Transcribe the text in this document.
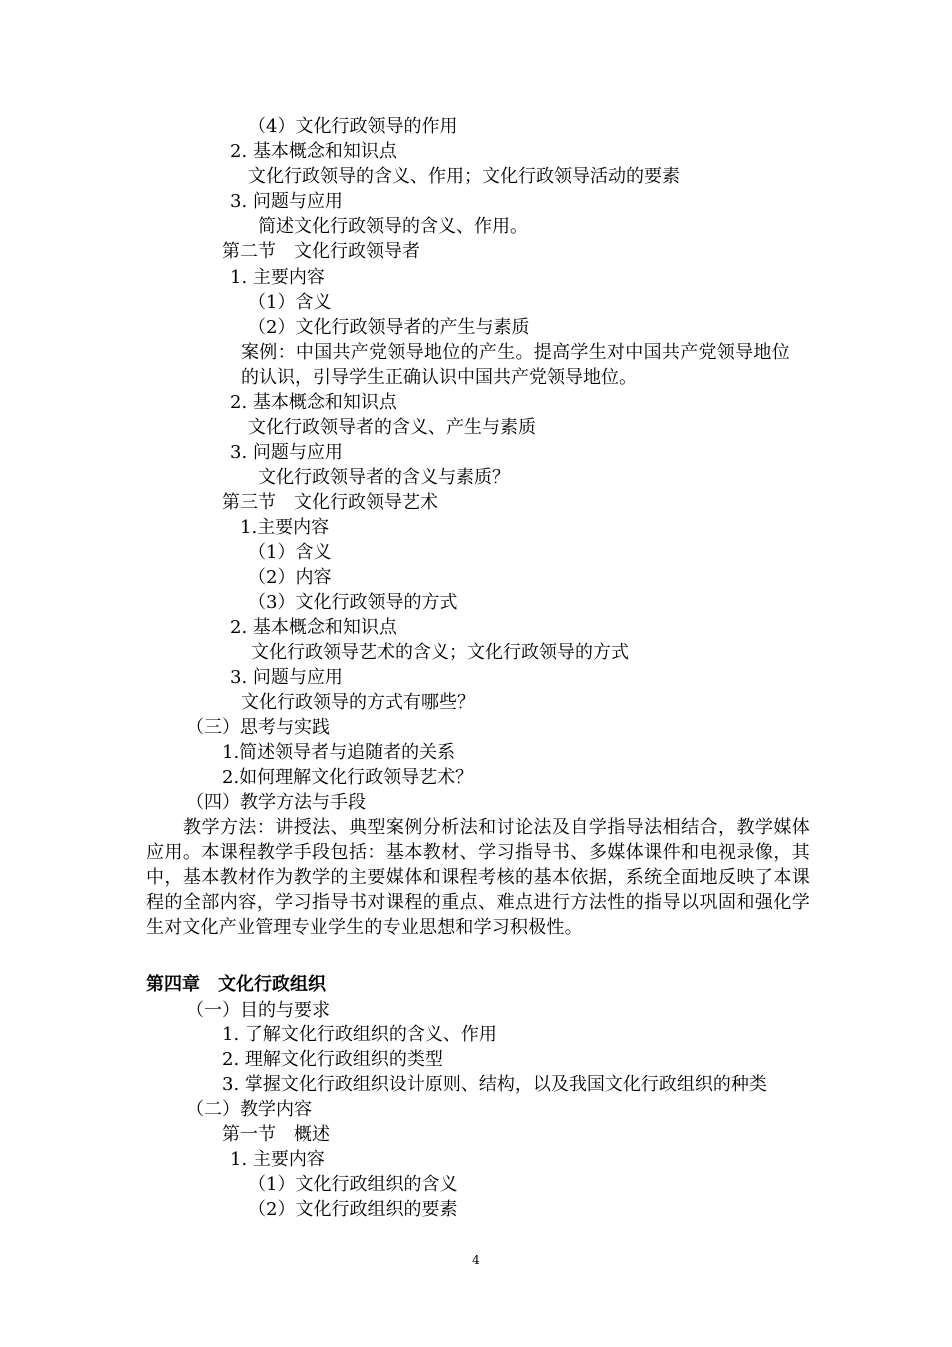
（4）文化行政领导的作用
2. 基本概念和知识点
文化行政领导的含义、作用；文化行政领导活动的要素
3. 问题与应用
简述文化行政领导的含义、作用。
第二节　文化行政领导者
1. 主要内容
（1）含义
（2）文化行政领导者的产生与素质
案例：中国共产党领导地位的产生。提高学生对中国共产党领导地位
的认识，引导学生正确认识中国共产党领导地位。
2. 基本概念和知识点
文化行政领导者的含义、产生与素质
3. 问题与应用
文化行政领导者的含义与素质？
第三节　文化行政领导艺术
1.主要内容
（1）含义
（2）内容
（3）文化行政领导的方式
2. 基本概念和知识点
文化行政领导艺术的含义；文化行政领导的方式
3. 问题与应用
文化行政领导的方式有哪些？
（三）思考与实践
1.简述领导者与追随者的关系
2.如何理解文化行政领导艺术？
（四）教学方法与手段
教学方法：讲授法、典型案例分析法和讨论法及自学指导法相结合，教学媒体应用。本课程教学手段包括：基本教材、学习指导书、多媒体课件和电视录像，其中，基本教材作为教学的主要媒体和课程考核的基本依据，系统全面地反映了本课程的全部内容，学习指导书对课程的重点、难点进行方法性的指导以巩固和强化学生对文化产业管理专业学生的专业思想和学习积极性。
第四章　文化行政组织
（一）目的与要求
1. 了解文化行政组织的含义、作用
2. 理解文化行政组织的类型
3. 掌握文化行政组织设计原则、结构，以及我国文化行政组织的种类
（二）教学内容
第一节　概述
1. 主要内容
（1）文化行政组织的含义
（2）文化行政组织的要素
4
